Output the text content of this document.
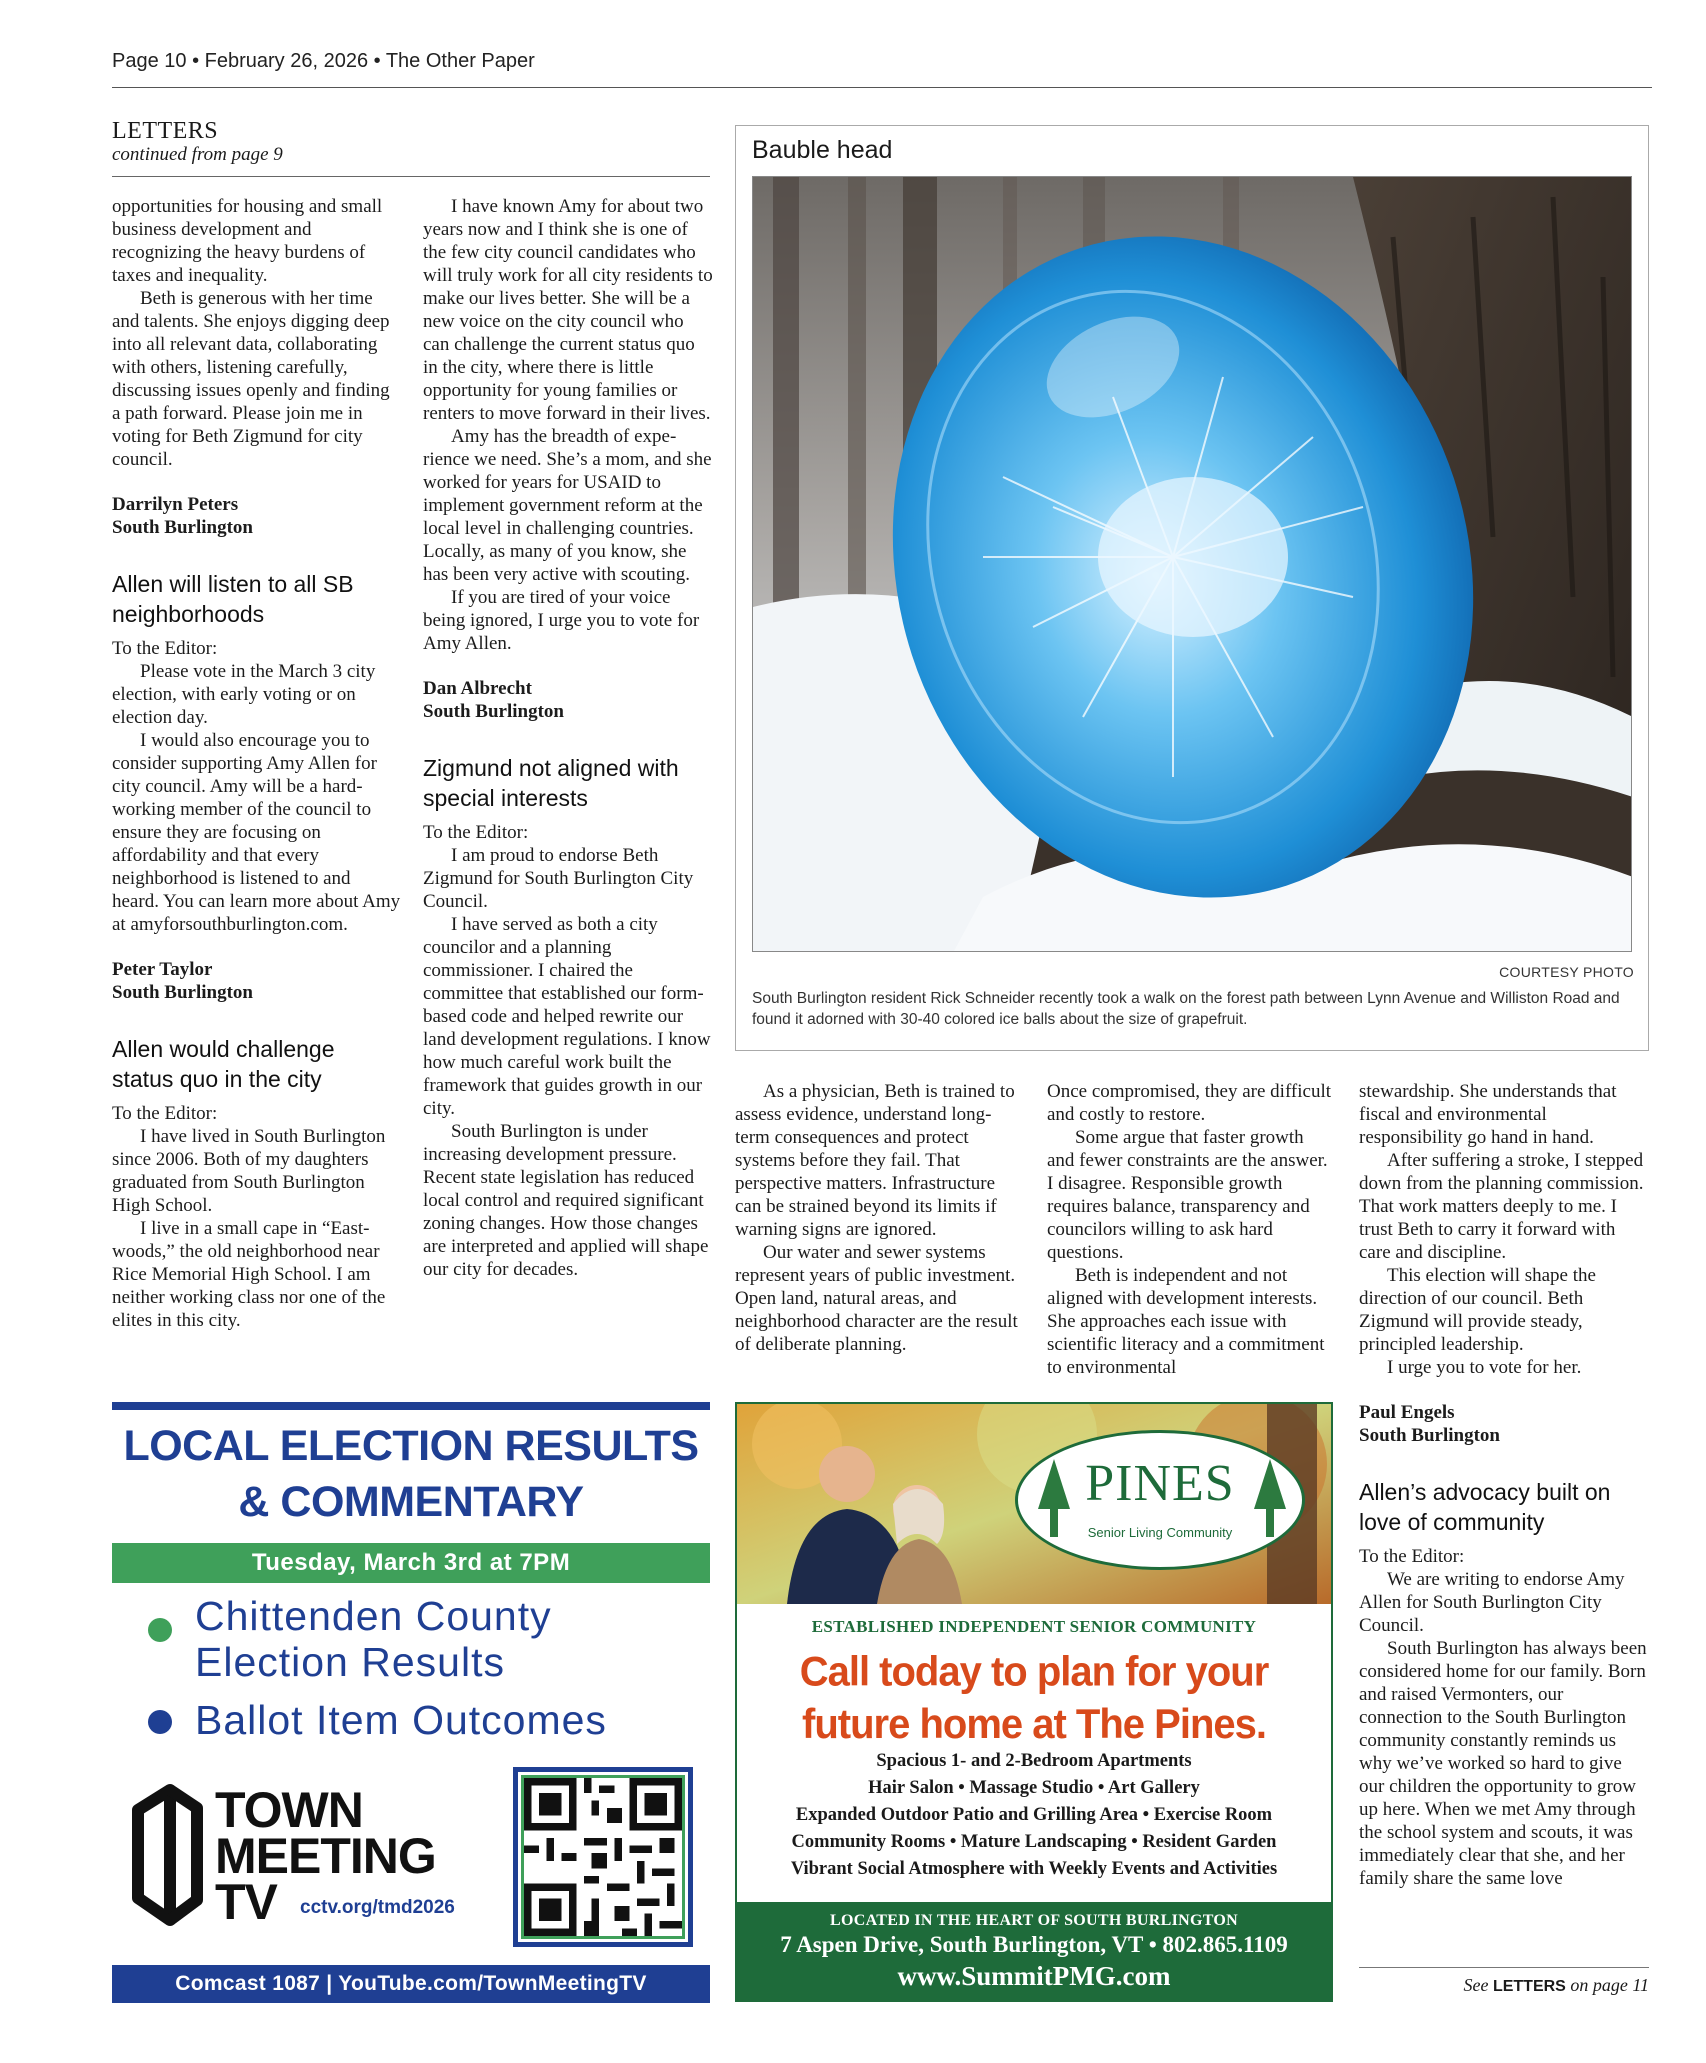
Page 10 • February 26, 2026 • The Other Paper
LETTERS
continued from page 9

opportunities for housing and small business development and recognizing the heavy burdens of taxes and inequality.

Beth is generous with her time and talents. She enjoys digging deep into all relevant data, collaborating with others, listening carefully, discussing issues openly and finding a path forward. Please join me in voting for Beth Zigmund for city council.

Darrilyn Peters
South Burlington
Allen will listen to all SB neighborhoods

To the Editor:

Please vote in the March 3 city election, with early voting or on election day.

I would also encourage you to consider supporting Amy Allen for city council. Amy will be a hard-working member of the council to ensure they are focusing on affordability and that every neighborhood is listened to and heard. You can learn more about Amy at amyforsouthburlington.com.

Peter Taylor
South Burlington
Allen would challenge status quo in the city

To the Editor:

I have lived in South Burlington since 2006. Both of my daughters graduated from South Burlington High School.

I live in a small cape in “Eastwoods,” the old neighborhood near Rice Memorial High School. I am neither working class nor one of the elites in this city.

I have known Amy for about two years now and I think she is one of the few city council candidates who will truly work for all city residents to make our lives better. She will be a new voice on the city council who can challenge the current status quo in the city, where there is little opportunity for young families or renters to move forward in their lives.

Amy has the breadth of experience we need. She’s a mom, and she worked for years for USAID to implement government reform at the local level in challenging countries. Locally, as many of you know, she has been very active with scouting.

If you are tired of your voice being ignored, I urge you to vote for Amy Allen.

Dan Albrecht
South Burlington
Zigmund not aligned with special interests

To the Editor:

I am proud to endorse Beth Zigmund for South Burlington City Council.

I have served as both a city councilor and a planning commissioner. I chaired the committee that established our form-based code and helped rewrite our land development regulations. I know how much careful work built the framework that guides growth in our city.

South Burlington is under increasing development pressure. Recent state legislation has reduced local control and required significant zoning changes. How those changes are interpreted and applied will shape our city for decades.

Bauble head
COURTESY PHOTO
South Burlington resident Rick Schneider recently took a walk on the forest path between Lynn Avenue and Williston Road and found it adorned with 30-40 colored ice balls about the size of grapefruit.

As a physician, Beth is trained to assess evidence, understand long-term consequences and protect systems before they fail. That perspective matters. Infrastructure can be strained beyond its limits if warning signs are ignored.

Our water and sewer systems represent years of public investment. Open land, natural areas, and neighborhood character are the result of deliberate planning.

Once compromised, they are difficult and costly to restore.

Some argue that faster growth and fewer constraints are the answer. I disagree. Responsible growth requires balance, transparency and councilors willing to ask hard questions.

Beth is independent and not aligned with development interests. She approaches each issue with scientific literacy and a commitment to environmental

stewardship. She understands that fiscal and environmental responsibility go hand in hand.

After suffering a stroke, I stepped down from the planning commission. That work matters deeply to me. I trust Beth to carry it forward with care and discipline.

This election will shape the direction of our council. Beth Zigmund will provide steady, principled leadership.

I urge you to vote for her.

Paul Engels
South Burlington
Allen’s advocacy built on love of community

To the Editor:

We are writing to endorse Amy Allen for South Burlington City Council.

South Burlington has always been considered home for our family. Born and raised Vermonters, our connection to the South Burlington community constantly reminds us why we’ve worked so hard to give our children the opportunity to grow up here. When we met Amy through the school system and scouts, it was immediately clear that she, and her family share the same love

LOCAL ELECTION RESULTS
& COMMENTARY
Tuesday, March 3rd at 7PM
Chittenden County
Election Results
Ballot Item Outcomes
TOWN
MEETING
TV	cctv.org/tmd2026
Comcast 1087 | YouTube.com/TownMeetingTV
PINES
Senior Living Community
ESTABLISHED INDEPENDENT SENIOR COMMUNITY
Call today to plan for your
future home at The Pines.
Spacious 1- and 2-Bedroom Apartments
Hair Salon • Massage Studio • Art Gallery
Expanded Outdoor Patio and Grilling Area • Exercise Room
Community Rooms • Mature Landscaping • Resident Garden
Vibrant Social Atmosphere with Weekly Events and Activities
LOCATED IN THE HEART OF SOUTH BURLINGTON
7 Aspen Drive, South Burlington, VT • 802.865.1109
www.SummitPMG.com	See LETTERS on page 11
